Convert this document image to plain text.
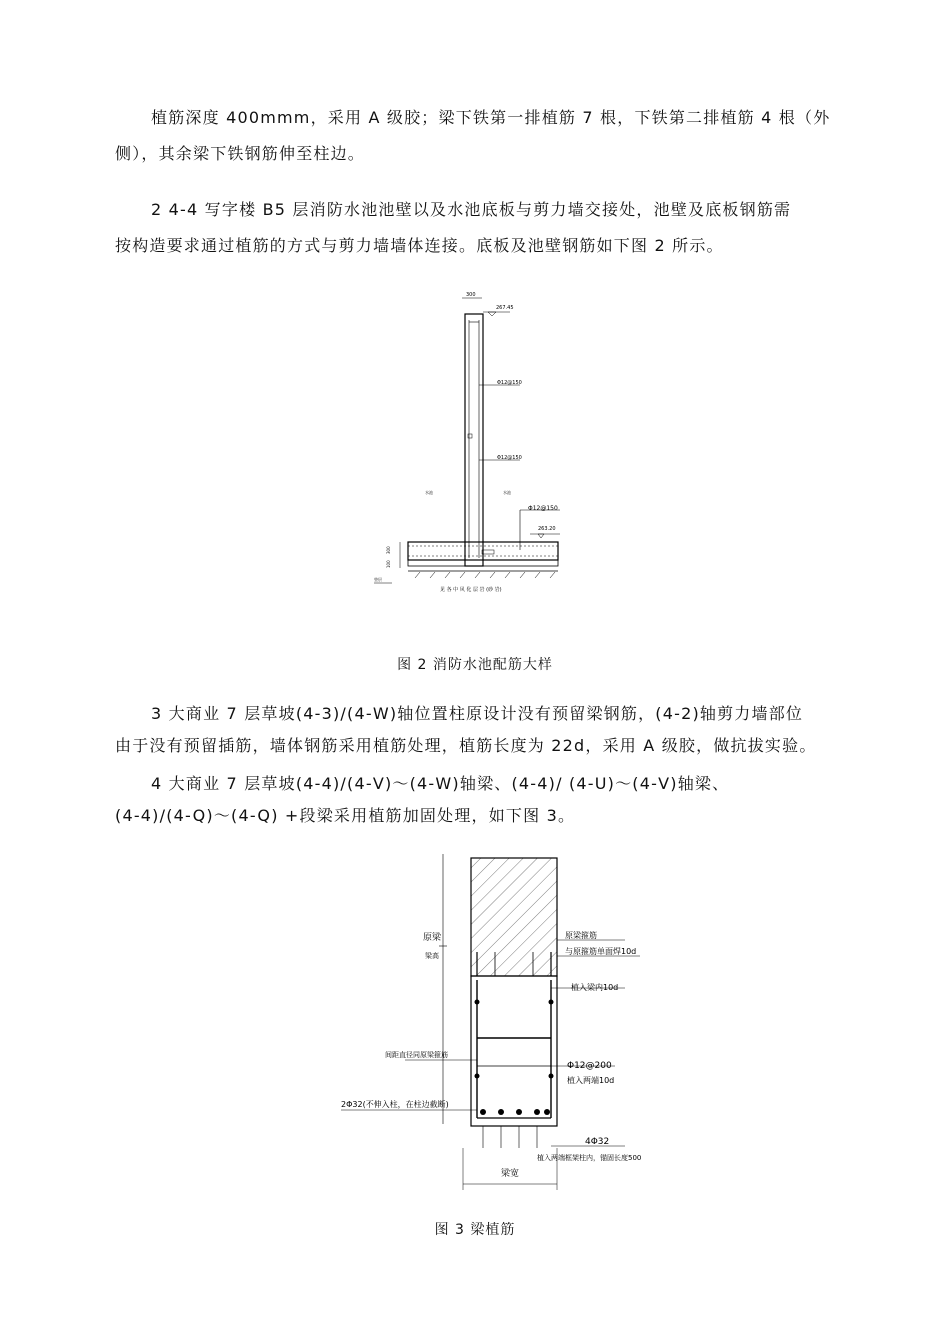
植筋深度 400mmm，采用 A 级胶；梁下铁第一排植筋 7 根，下铁第二排植筋 4 根（外

侧），其余梁下铁钢筋伸至柱边。

2 4-4 写字楼 B5 层消防水池池壁以及水池底板与剪力墙交接处，池壁及底板钢筋需

按构造要求通过植筋的方式与剪力墙墙体连接。底板及池壁钢筋如下图 2 所示。

300
267.45
Φ12@150
Φ12@150
水池	水池
Φ12@150
263.20
300
100
垫层
见 各 中 风 化 层 岩 (砂 岩)
图 2 消防水池配筋大样

3 大商业 7 层草坡(4-3)/(4-W)轴位置柱原设计没有预留梁钢筋，(4-2)轴剪力墙部位

由于没有预留插筋，墙体钢筋采用植筋处理，植筋长度为 22d，采用 A 级胶，做抗拔实验。

4 大商业 7 层草坡(4-4)/(4-V)～(4-W)轴梁、(4-4)/ (4-U)～(4-V)轴梁、

(4-4)/(4-Q)～(4-Q) +段梁采用植筋加固处理，如下图 3。

原梁
梁高
原梁箍筋
与原箍筋单面焊10d
植入梁内10d
Φ12@200
植入两端10d
间距直径同原梁箍筋
2Φ32(不伸入柱，在柱边截断)
4Φ32
植入两端框架柱内，锚固长度500
梁宽
图 3 梁植筋
